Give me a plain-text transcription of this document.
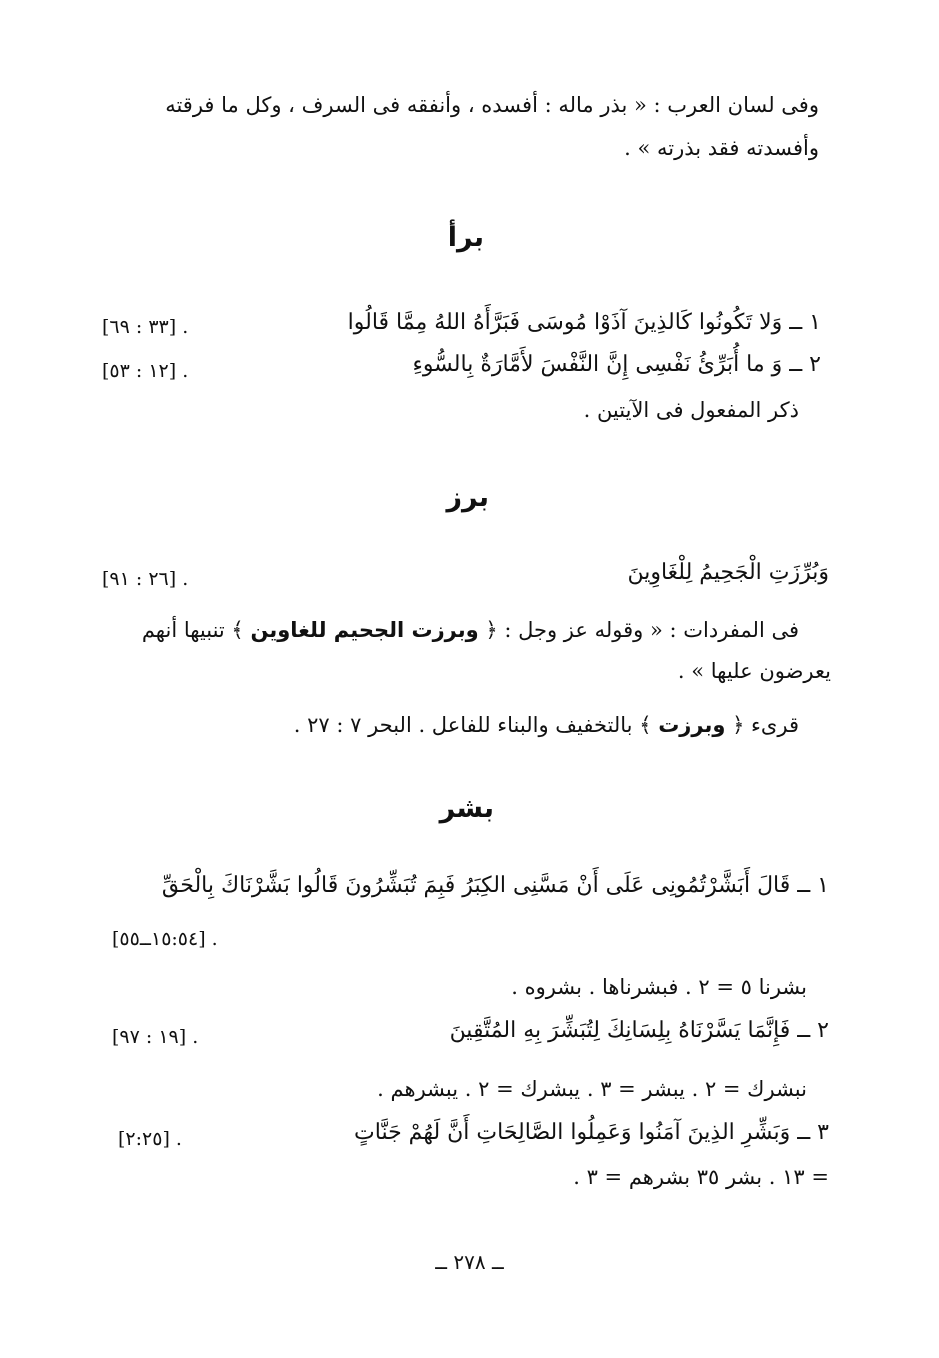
وفى لسان العرب : « بذر ماله : أفسده ، وأنفقه فى السرف ، وكل ما فرقته
وأفسدته فقد بذرته » .
برأ
١ ــ وَلا تَكُونُوا كَالذِينَ آذَوْا مُوسَى فَبَرَّأَهُ اللهُ مِمَّا قَالُوا
[٣٣ : ٦٩] .
٢ ــ وَ ما أُبَرِّئُ نَفْسِى إِنَّ النَّفْسَ لأَمَّارَةٌ بِالسُّوءِ
[١٢ : ٥٣] .
ذكر المفعول فى الآيتين .
برز
وَبُرِّزَتِ الْجَحِيمُ لِلْغَاوِينَ
[٢٦ : ٩١] .
فى المفردات : « وقوله عز وجل : ﴿ وبرزت الجحيم للغاوين ﴾ تنبيها أنهم
يعرضون عليها » .
قرىء ﴿ وبرزت ﴾ بالتخفيف والبناء للفاعل . البحر ٧ : ٢٧ .
بشر
١ ــ قَالَ أَبَشَّرْتُمُونِى عَلَى أَنْ مَسَّنِى الكِبَرُ فَبِمَ تُبَشِّرُونَ قَالُوا بَشَّرْنَاكَ بِالْحَقِّ
[١٥:٥٤ــ٥٥] .
بشرنا ٥ = ٢ . فبشرناها . بشروه .
٢ ــ فَإِنَّمَا يَسَّرْنَاهُ بِلِسَانِكَ لِتُبَشِّرَ بِهِ المُتَّقِينَ
[١٩ : ٩٧] .
نبشرك = ٢ . يبشر = ٣ . يبشرك = ٢ . يبشرهم .
٣ ــ وَبَشِّرِ الذِينَ آمَنُوا وَعَمِلُوا الصَّالِحَاتِ أَنَّ لَهُمْ جَنَّاتٍ
[٢:٢٥] .
= ١٣ . بشر ٣٥ بشرهم = ٣ .
ــ ٢٧٨ ــ
